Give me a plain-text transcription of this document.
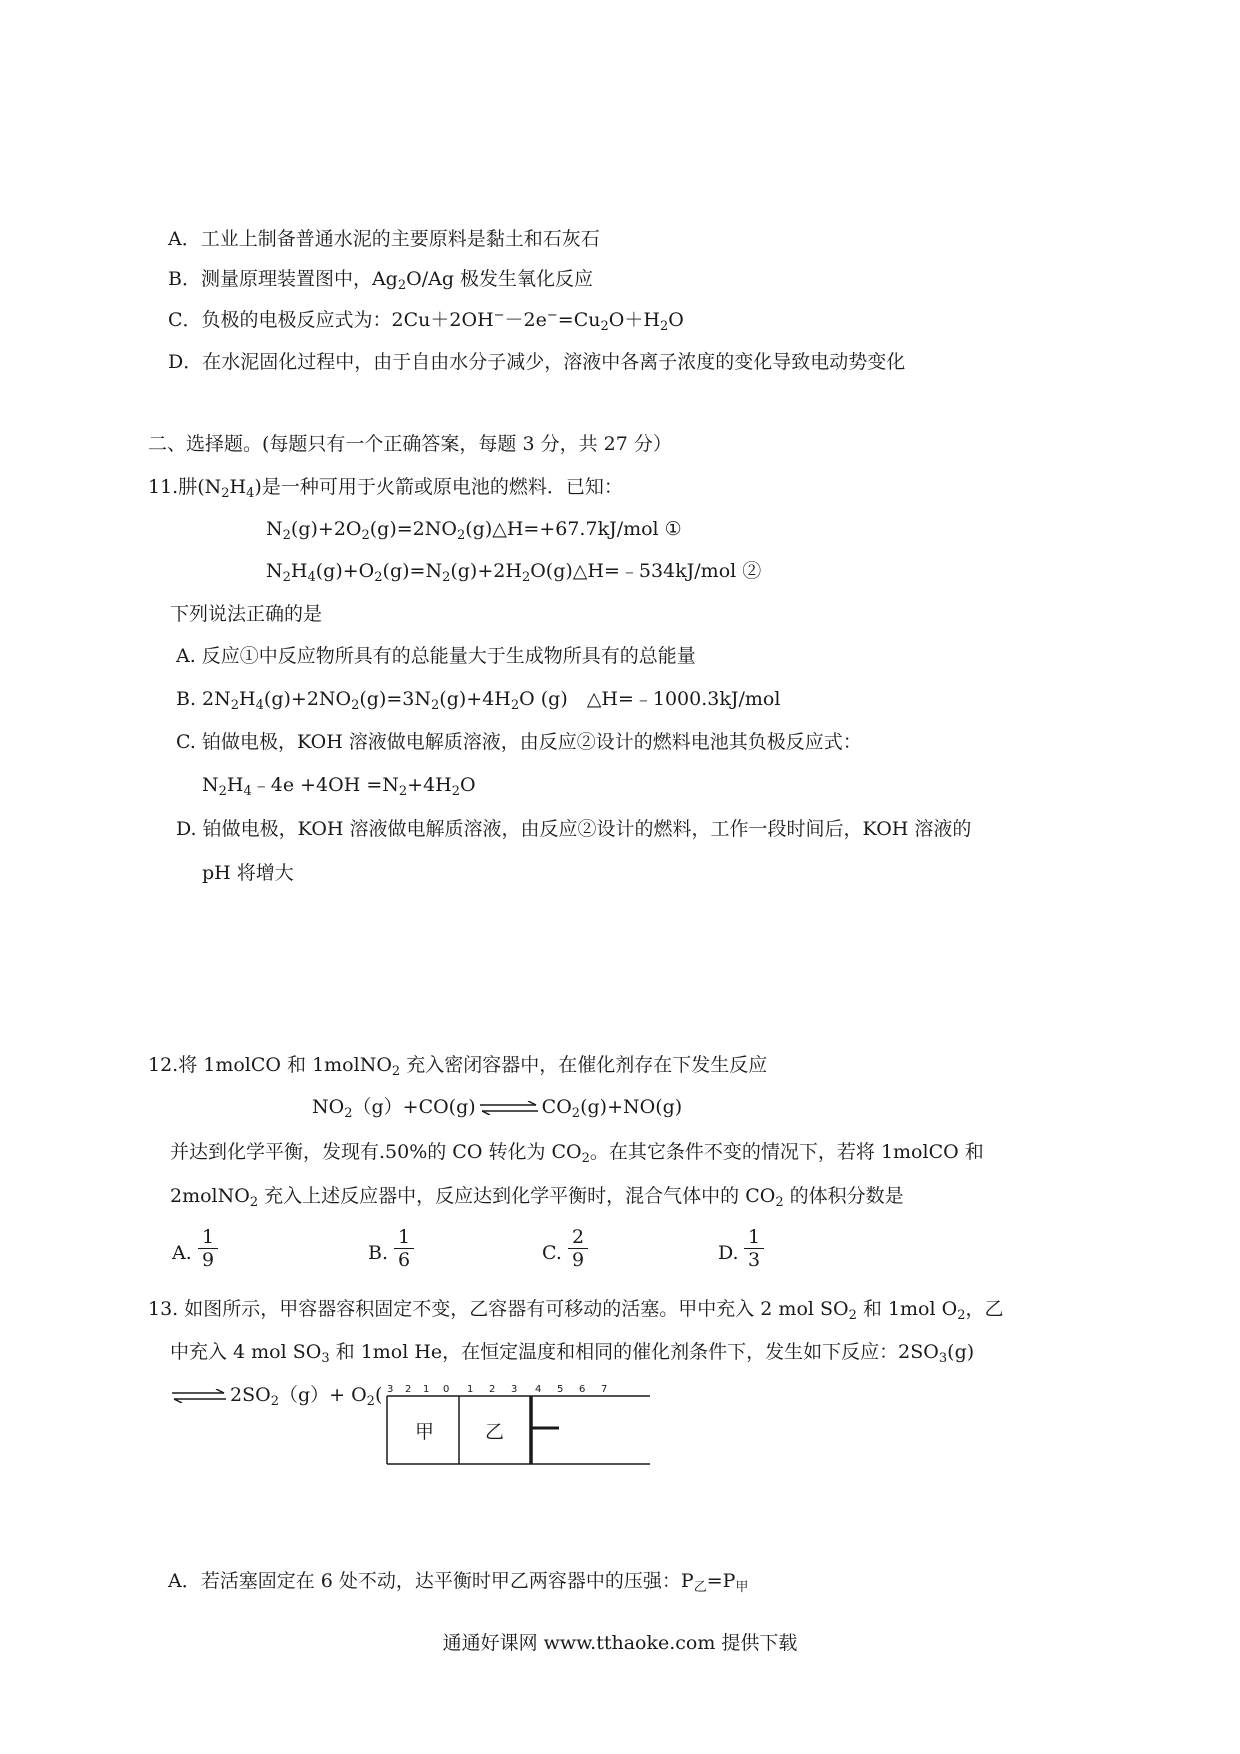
A．工业上制备普通水泥的主要原料是黏土和石灰石
B．测量原理装置图中，$Ag_2O/Ag$ 极发生氧化反应
C．负极的电极反应式为：$2Cu+2OH^--2e^-=Cu_2O+H_2O$
D．在水泥固化过程中，由于自由水分子减少，溶液中各离子浓度的变化导致电动势变化
二、选择题。(每题只有一个正确答案，每题 3 分，共 27 分）
11.肼$(N_2H_4)$是一种可用于火箭或原电池的燃料．已知：
$N_2(g)+2O_2(g)=2NO_2(g)\triangle H=+67.7kJ$/mol ①
$N_2H_4(g)+O_2(g)=N_2(g)+2H_2O(g)\triangle H=﹣534kJ$/mol ②
下列说法正确的是
A. 反应①中反应物所具有的总能量大于生成物所具有的总能量
B. $2N_2H_4(g)+2NO_2(g)=3N_2(g)+4H_2O$ (g)　△H=﹣1000.3kJ/mol
C. 铂做电极，KOH 溶液做电解质溶液，由反应②设计的燃料电池其负极反应式：
$N_2H_4﹣4e +4OH =N_2+4H_2O$
D. 铂做电极，KOH 溶液做电解质溶液，由反应②设计的燃料，工作一段时间后，KOH 溶液的
pH 将增大
12.将 1molCO 和 1molNO$_2$ 充入密闭容器中，在催化剂存在下发生反应
$NO_2(g)+CO(g)$ ⇌ $CO_2(g)+NO(g)$
并达到化学平衡，发现有.50%的 CO 转化为 $CO_2$。在其它条件不变的情况下，若将 1molCO 和
2molNO$_2$ 充入上述反应器中，反应达到化学平衡时，混合气体中的 $CO_2$ 的体积分数是
A. $\frac{1}{9}$	B. $\frac{1}{6}$	C. $\frac{2}{9}$	D. $\frac{1}{3}$
13. 如图所示，甲容器容积固定不变，乙容器有可移动的活塞。甲中充入 2 mol $SO_2$ 和 1mol $O_2$，乙
中充入 4 mol $SO_3$ 和 1mol He，在恒定温度和相同的催化剂条件下，发生如下反应：$2SO_3(g)$
⇌ $2SO_2(g)+ O_2$( 3 2 1 0 1 2 3 4 5 6 7
甲	乙
A．若活塞固定在 6 处不动，达平衡时甲乙两容器中的压强：$P_乙=P_甲$
通通好课网 www.tthaoke.com 提供下载
